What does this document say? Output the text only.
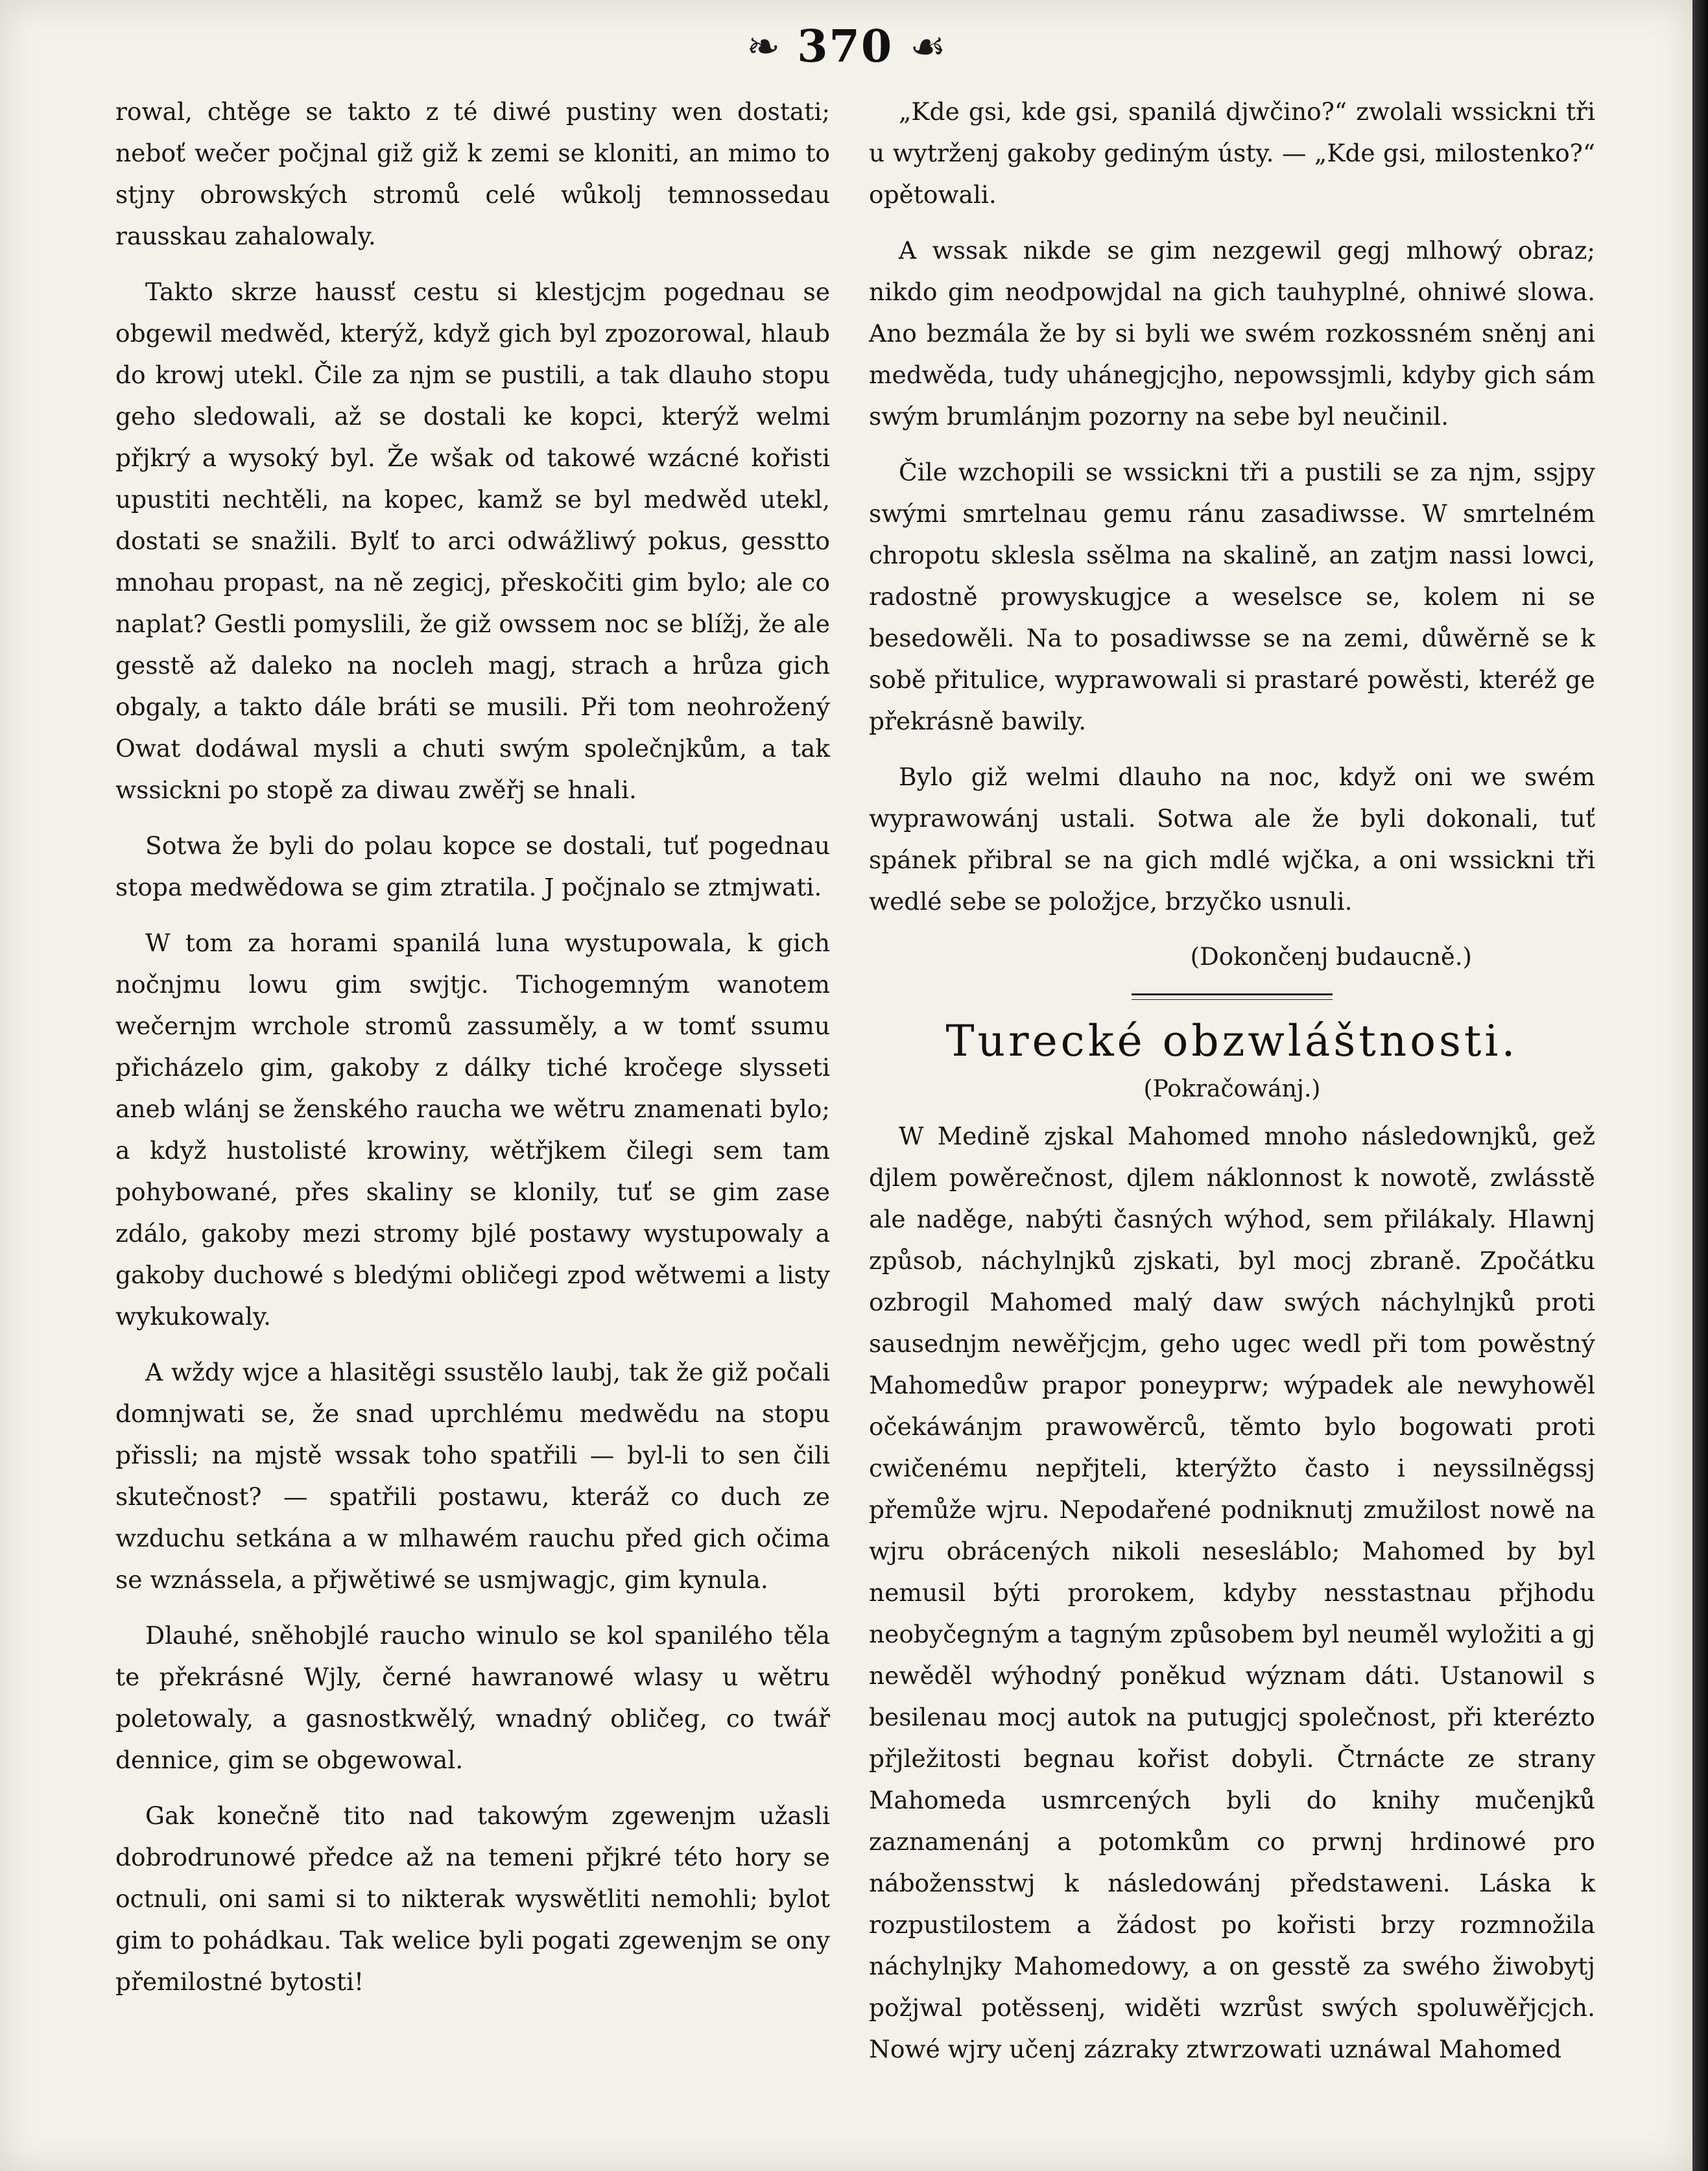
❧ 370 ☙

rowal, chtěge se takto z té diwé pustiny wen dostati; neboť wečer počjnal giž giž k zemi se kloniti, an mimo to stjny obrowských stromů celé wůkolj temnossedau rausskau zahalowaly.

Takto skrze haussť cestu si klestjcjm pogednau se obgewil medwěd, kterýž, když gich byl zpozorowal, hlaub do krowj utekl. Čile za njm se pustili, a tak dlauho stopu geho sledowali, až se dostali ke kopci, kterýž welmi přjkrý a wysoký byl. Že wšak od takowé wzácné kořisti upustiti nechtěli, na kopec, kamž se byl medwěd utekl, dostati se snažili. Bylť to arci odwážliwý pokus, gesstto mnohau propast, na ně zegicj, přeskočiti gim bylo; ale co naplat? Gestli pomyslili, že giž owssem noc se blížj, že ale gesstě až daleko na nocleh magj, strach a hrůza gich obgaly, a takto dále bráti se musili. Při tom neohrožený Owat dodáwal mysli a chuti swým společnjkům, a tak wssickni po stopě za diwau zwěřj se hnali.

Sotwa že byli do polau kopce se dostali, tuť pogednau stopa medwědowa se gim ztratila. J počjnalo se ztmjwati.

W tom za horami spanilá luna wystupowala, k gich nočnjmu lowu gim swjtjc. Tichogemným wanotem wečernjm wrchole stromů zassuměly, a w tomť ssumu přicházelo gim, gakoby z dálky tiché kročege slysseti aneb wlánj se ženského raucha we wětru znamenati bylo; a když hustolisté krowiny, wětřjkem čilegi sem tam pohybowané, přes skaliny se klonily, tuť se gim zase zdálo, gakoby mezi stromy bjlé postawy wystupowaly a gakoby duchowé s bledými obličegi zpod wětwemi a listy wykukowaly.

A wždy wjce a hlasitěgi ssustělo laubj, tak že giž počali domnjwati se, že snad uprchlému medwědu na stopu přissli; na mjstě wssak toho spatřili — byl-li to sen čili skutečnost? — spatřili postawu, kteráž co duch ze wzduchu setkána a w mlhawém rauchu před gich očima se wznássela, a přjwětiwé se usmjwagjc, gim kynula.

Dlauhé, sněhobjlé raucho winulo se kol spanilého těla te překrásné Wjly, černé hawranowé wlasy u wětru poletowaly, a gasnostkwělý, wnadný obličeg, co twář dennice, gim se obgewowal.

Gak konečně tito nad takowým zgewenjm užasli dobrodrunowé předce až na temeni přjkré této hory se octnuli, oni sami si to nikterak wyswětliti nemohli; bylot gim to pohádkau. Tak welice byli pogati zgewenjm se ony přemilostné bytosti!

„Kde gsi, kde gsi, spanilá djwčino?“ zwolali wssickni tři u wytrženj gakoby gediným ústy. — „Kde gsi, milostenko?“ opětowali.

A wssak nikde se gim nezgewil gegj mlhowý obraz; nikdo gim neodpowjdal na gich tauhyplné, ohniwé slowa. Ano bezmála že by si byli we swém rozkossném sněnj ani medwěda, tudy uhánegjcjho, nepowssjmli, kdyby gich sám swým brumlánjm pozorny na sebe byl neučinil.

Čile wzchopili se wssickni tři a pustili se za njm, ssjpy swými smrtelnau gemu ránu zasadiwsse. W smrtelném chropotu sklesla ssělma na skalině, an zatjm nassi lowci, radostně prowyskugjce a weselsce se, kolem ni se besedowěli. Na to posadiwsse se na zemi, důwěrně se k sobě přitulice, wyprawowali si prastaré powěsti, kteréž ge překrásně bawily.

Bylo giž welmi dlauho na noc, když oni we swém wyprawowánj ustali. Sotwa ale že byli dokonali, tuť spánek přibral se na gich mdlé wjčka, a oni wssickni tři wedlé sebe se položjce, brzyčko usnuli.

(Dokončenj budaucně.)
Turecké obzwláštnosti.
(Pokračowánj.)

W Medině zjskal Mahomed mnoho následownjků, gež djlem powěrečnost, djlem náklonnost k nowotě, zwlásstě ale naděge, nabýti časných wýhod, sem přilákaly. Hlawnj způsob, náchylnjků zjskati, byl mocj zbraně. Zpočátku ozbrogil Mahomed malý daw swých náchylnjků proti sausednjm newěřjcjm, geho ugec wedl při tom powěstný Mahomedůw prapor poneyprw; wýpadek ale newyhowěl očekáwánjm prawowěrců, těmto bylo bogowati proti cwičenému nepřjteli, kterýžto často i neyssilněgssj přemůže wjru. Nepodařené podniknutj zmužilost nowě na wjru obrácených nikoli nesesláblo; Mahomed by byl nemusil býti prorokem, kdyby nesstastnau přjhodu neobyčegným a tagným způsobem byl neuměl wyložiti a gj newěděl wýhodný poněkud wýznam dáti. Ustanowil s besilenau mocj autok na putugjcj společnost, při kterézto přjležitosti begnau kořist dobyli. Čtrnácte ze strany Mahomeda usmrcených byli do knihy mučenjků zaznamenánj a potomkům co prwnj hrdinowé pro nábožensstwj k následowánj předstaweni. Láska k rozpustilostem a žádost po kořisti brzy rozmnožila náchylnjky Mahomedowy, a on gesstě za swého žiwobytj požjwal potěssenj, widěti wzrůst swých spoluwěřjcjch. Nowé wjry učenj zázraky ztwrzowati uznáwal Mahomed
